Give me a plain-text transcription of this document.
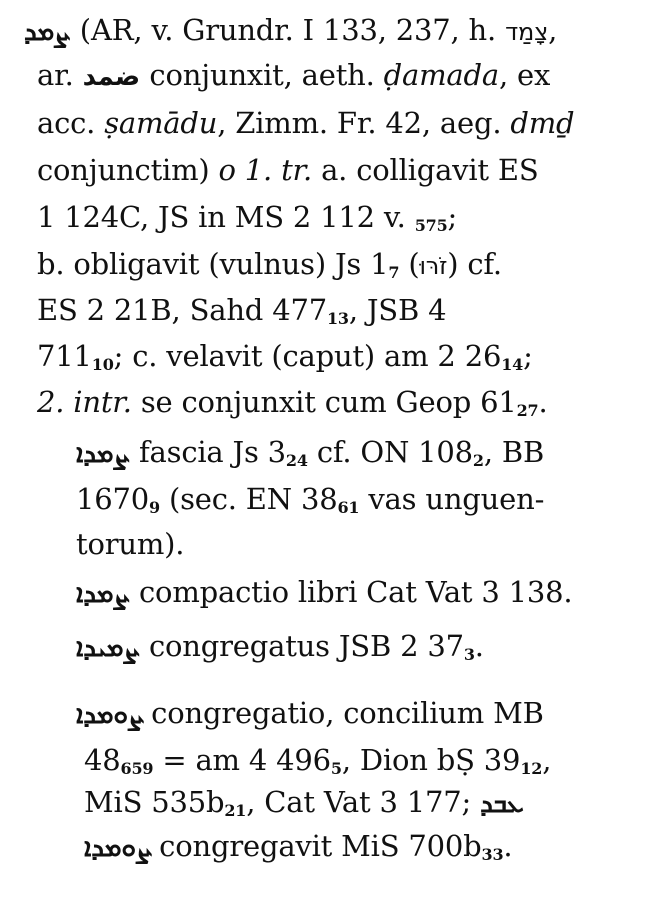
ܨܡܕ (AR, v. Grundr. I 133, 237, h. צָמַד,
ar. ضمد conjunxit, aeth. ḍamada, ex
acc. ṣamādu, Zimm. Fr. 42, aeg. dmḏ
conjunctim) o 1. tr. a. colligavit ES
1 124C, JS in MS 2 112 v. $_{575}$;
b. obligavit (vulnus) Js $1_7$ (זֹרּוּ) cf.
ES 2 21B, Sahd $477_{13}$, JSB 4
$711_{10}$; c. velavit (caput) am 2 $26_{14}$;
2. intr. se conjunxit cum Geop $61_{27}$.
ܨܡܕܐ fascia Js $3_{24}$ cf. ON $108_2$, BB
$1670_9$ (sec. EN $38_{61}$ vas unguen-
torum).
ܨܡܕܐ compactio libri Cat Vat 3 138.
ܨܡܝܕܐ congregatus JSB 2 $37_3$.
ܨܘܡܕܐ congregatio, concilium MB
$48_{659}$ = am 4 $496_5$, Dion bṢ $39_{12}$,
MiS $535b_{21}$, Cat Vat 3 177; ܥܒܕ
ܨܘܡܕܐ congregavit MiS $700b_{33}$.
